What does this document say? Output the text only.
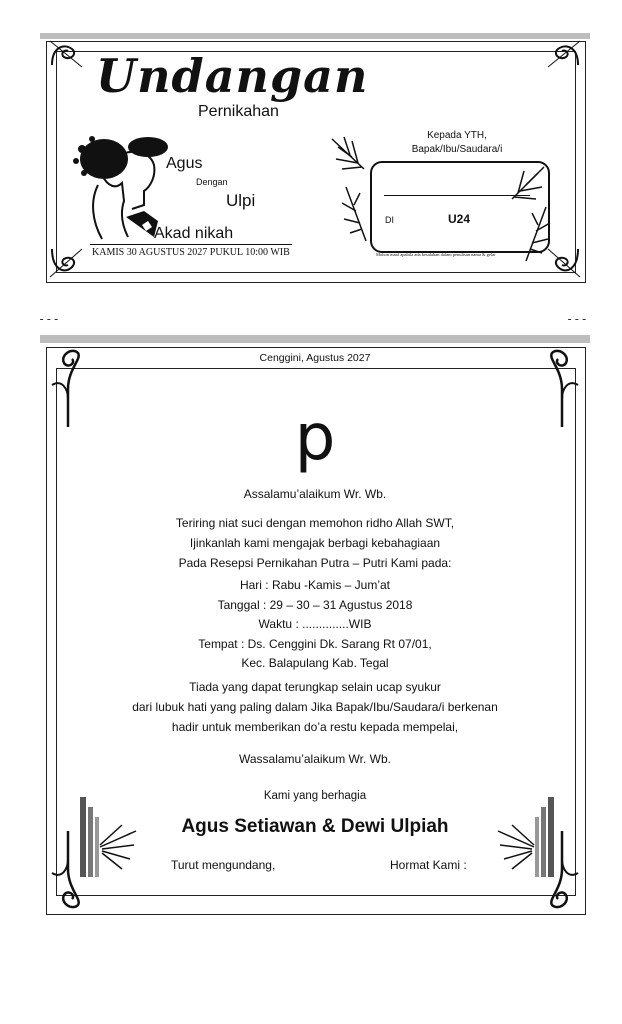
Undangan
Pernikahan
Agus
Dengan
Ulpi
Akad nikah
KAMIS 30 AGUSTUS 2027 PUKUL 10:00 WIB
Kepada YTH,
Bapak/Ibu/Saudara/i
DI	U24
Mohon maaf apabila ada kesalahan dalam penulisan nama & gelar
---	---
Cenggini, Agustus 2027
p
Assalamu’alaikum Wr. Wb.
Teriring niat suci dengan memohon ridho Allah SWT,
Ijinkanlah kami mengajak berbagi kebahagiaan
Pada Resepsi Pernikahan Putra – Putri Kami pada:
Hari : Rabu -Kamis – Jum’at
Tanggal : 29 – 30 – 31 Agustus 2018
Waktu : ..............WIB
Tempat : Ds. Cenggini Dk. Sarang Rt 07/01,
Kec. Balapulang Kab. Tegal
Tiada yang dapat terungkap selain ucap syukur
dari lubuk hati yang paling dalam Jika Bapak/Ibu/Saudara/i berkenan
hadir untuk memberikan do’a restu kepada mempelai,
Wassalamu’alaikum Wr. Wb.
Kami yang berhagia
Agus Setiawan & Dewi Ulpiah
Turut mengundang,	Hormat Kami :
